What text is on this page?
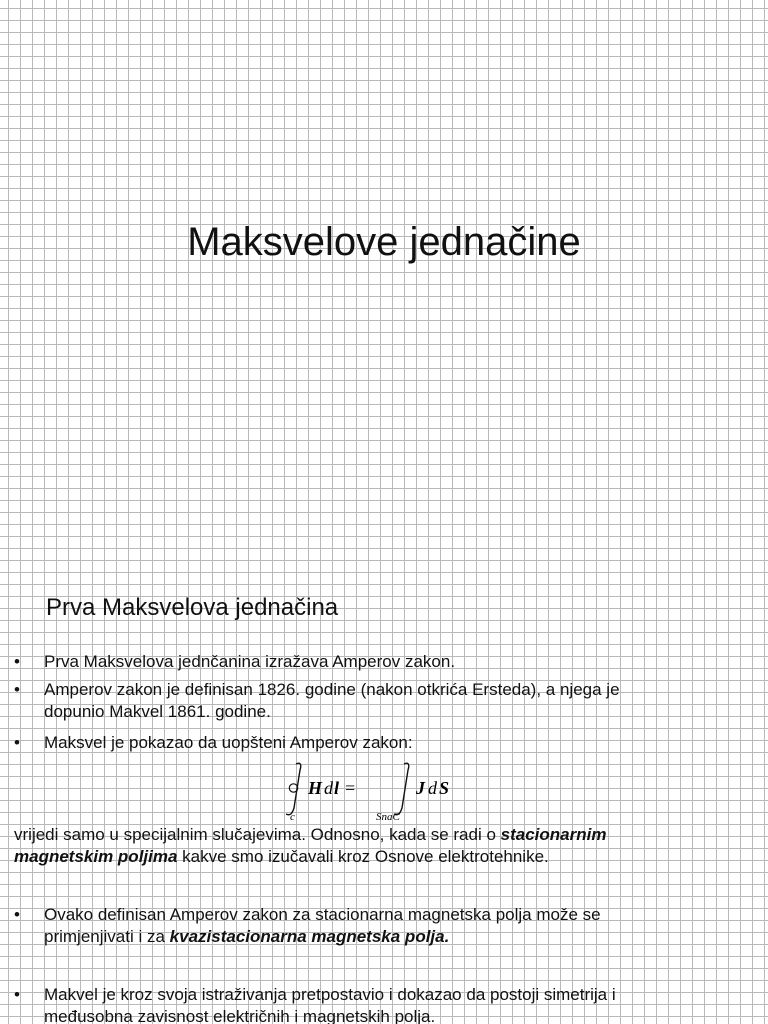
Maksvelove jednačine
Prva Maksvelova jednačina
•	Prva Maksvelova jednčanina izražava Amperov zakon.
•	Amperov zakon je definisan 1826. godine (nakon otkrića Ersteda), a njega je
dopunio Makvel 1861. godine.
•	Maksvel je pokazao da uopšteni Amperov zakon:
H d l =
c
J d S
SnaC
vrijedi samo u specijalnim slučajevima. Odnosno, kada se radi o stacionarnim
magnetskim poljima kakve smo izučavali kroz Osnove elektrotehnike.
•	Ovako definisan Amperov zakon za stacionarna magnetska polja može se
primjenjivati i za kvazistacionarna magnetska polja.
•	Makvel je kroz svoja istraživanja pretpostavio i dokazao da postoji simetrija i
međusobna zavisnost električnih i magnetskih polja.
